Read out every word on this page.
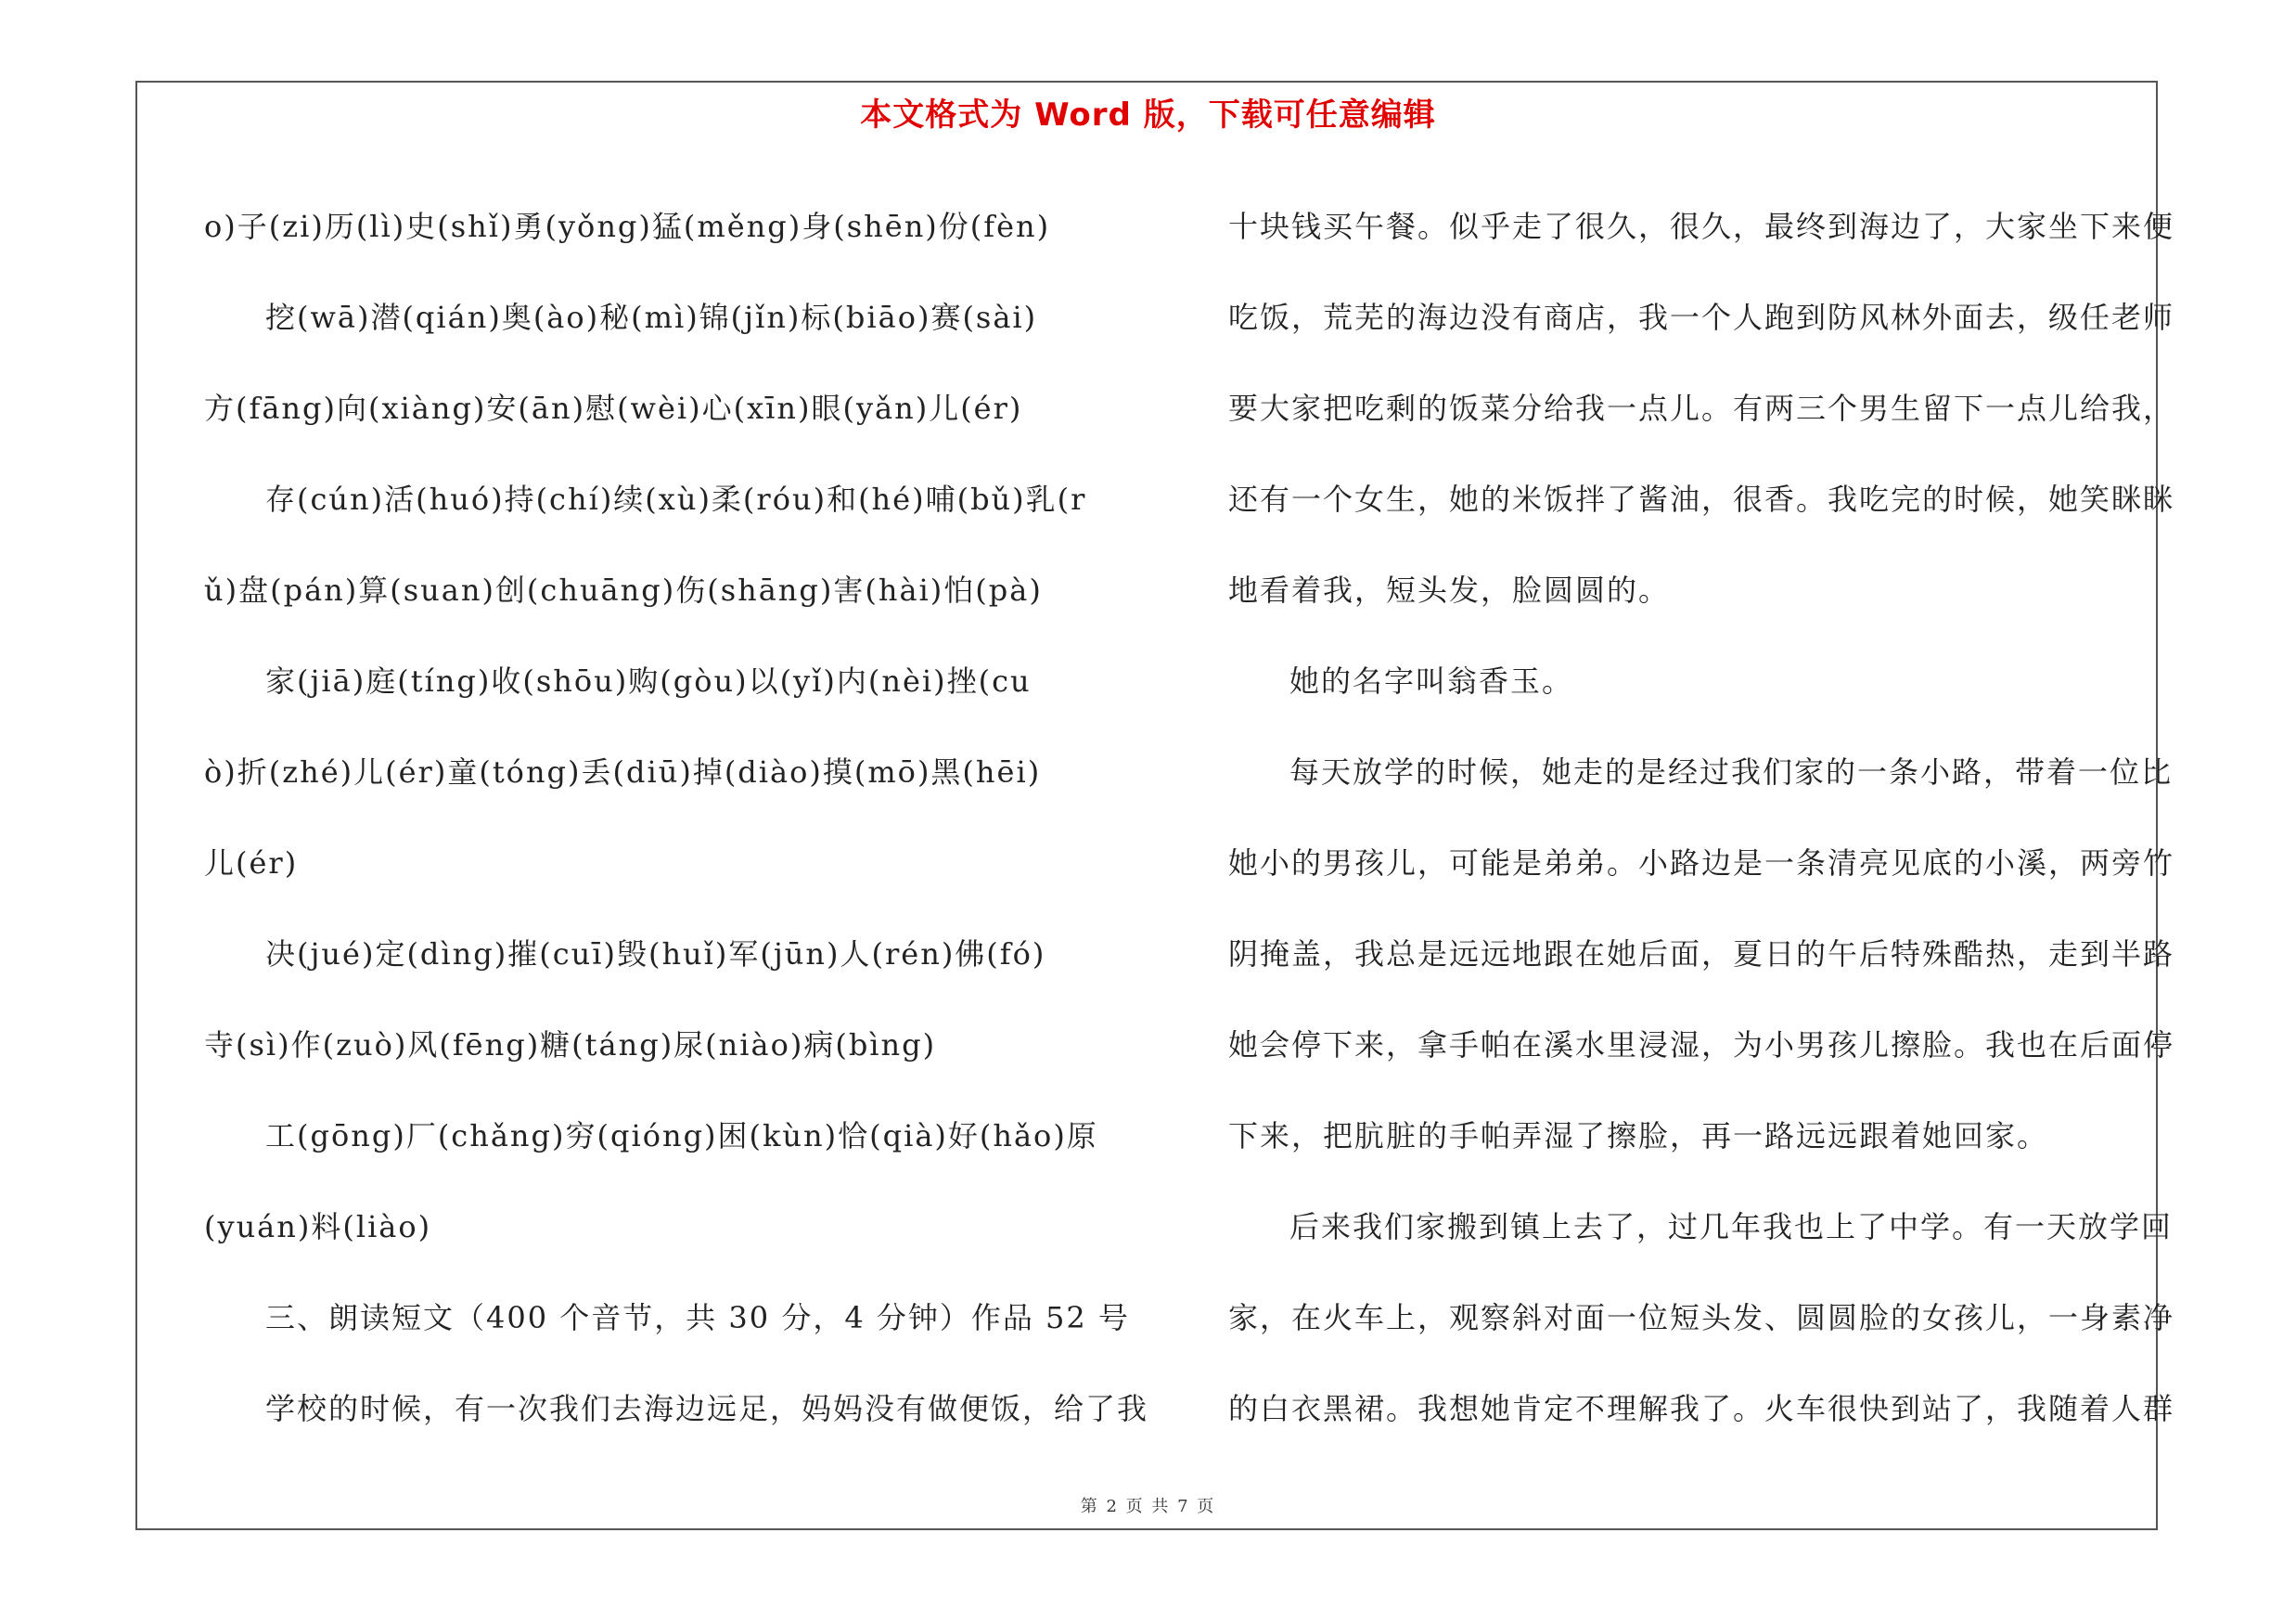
本文格式为 Word 版，下载可任意编辑
o)子(zi)历(lì)史(shǐ)勇(yǒng)猛(měng)身(shēn)份(fèn)
挖(wā)潜(qián)奥(ào)秘(mì)锦(jǐn)标(biāo)赛(sài)
方(fāng)向(xiàng)安(ān)慰(wèi)心(xīn)眼(yǎn)儿(ér)
存(cún)活(huó)持(chí)续(xù)柔(róu)和(hé)哺(bǔ)乳(r
ǔ)盘(pán)算(suan)创(chuāng)伤(shāng)害(hài)怕(pà)
家(jiā)庭(tíng)收(shōu)购(gòu)以(yǐ)内(nèi)挫(cu
ò)折(zhé)儿(ér)童(tóng)丢(diū)掉(diào)摸(mō)黑(hēi)
儿(ér)
决(jué)定(dìng)摧(cuī)毁(huǐ)军(jūn)人(rén)佛(fó)
寺(sì)作(zuò)风(fēng)糖(táng)尿(niào)病(bìng)
工(gōng)厂(chǎng)穷(qióng)困(kùn)恰(qià)好(hǎo)原
(yuán)料(liào)
三、朗读短文（400 个音节，共 30 分，4 分钟）作品 52 号
学校的时候，有一次我们去海边远足，妈妈没有做便饭，给了我
十块钱买午餐。似乎走了很久，很久，最终到海边了，大家坐下来便
吃饭，荒芜的海边没有商店，我一个人跑到防风林外面去，级任老师
要大家把吃剩的饭菜分给我一点儿。有两三个男生留下一点儿给我，
还有一个女生，她的米饭拌了酱油，很香。我吃完的时候，她笑眯眯
地看着我，短头发，脸圆圆的。
她的名字叫翁香玉。
每天放学的时候，她走的是经过我们家的一条小路，带着一位比
她小的男孩儿，可能是弟弟。小路边是一条清亮见底的小溪，两旁竹
阴掩盖，我总是远远地跟在她后面，夏日的午后特殊酷热，走到半路
她会停下来，拿手帕在溪水里浸湿，为小男孩儿擦脸。我也在后面停
下来，把肮脏的手帕弄湿了擦脸，再一路远远跟着她回家。
后来我们家搬到镇上去了，过几年我也上了中学。有一天放学回
家，在火车上，观察斜对面一位短头发、圆圆脸的女孩儿，一身素净
的白衣黑裙。我想她肯定不理解我了。火车很快到站了，我随着人群
第 2 页 共 7 页
